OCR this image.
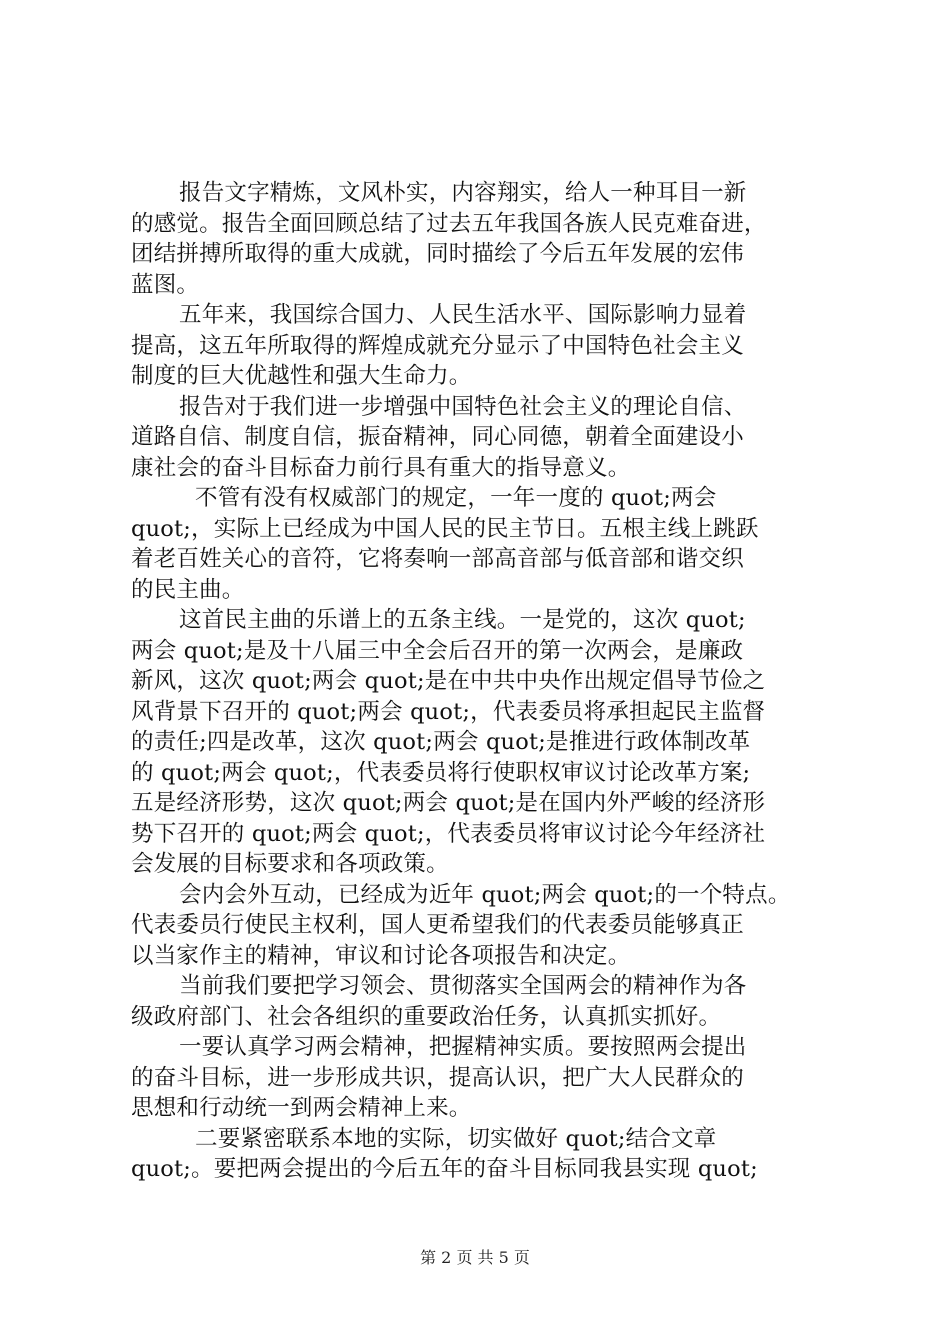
报告文字精炼，文风朴实，内容翔实，给人一种耳目一新
的感觉。报告全面回顾总结了过去五年我国各族人民克难奋进，
团结拼搏所取得的重大成就，同时描绘了今后五年发展的宏伟
蓝图。
五年来，我国综合国力、人民生活水平、国际影响力显着
提高，这五年所取得的辉煌成就充分显示了中国特色社会主义
制度的巨大优越性和强大生命力。
报告对于我们进一步增强中国特色社会主义的理论自信、
道路自信、制度自信，振奋精神，同心同德，朝着全面建设小
康社会的奋斗目标奋力前行具有重大的指导意义。
不管有没有权威部门的规定，一年一度的 quot;两会
quot;，实际上已经成为中国人民的民主节日。五根主线上跳跃
着老百姓关心的音符，它将奏响一部高音部与低音部和谐交织
的民主曲。
这首民主曲的乐谱上的五条主线。一是党的，这次 quot;
两会 quot;是及十八届三中全会后召开的第一次两会，是廉政
新风，这次 quot;两会 quot;是在中共中央作出规定倡导节俭之
风背景下召开的 quot;两会 quot;，代表委员将承担起民主监督
的责任;四是改革，这次 quot;两会 quot;是推进行政体制改革
的 quot;两会 quot;，代表委员将行使职权审议讨论改革方案;
五是经济形势，这次 quot;两会 quot;是在国内外严峻的经济形
势下召开的 quot;两会 quot;，代表委员将审议讨论今年经济社
会发展的目标要求和各项政策。
会内会外互动，已经成为近年 quot;两会 quot;的一个特点。
代表委员行使民主权利，国人更希望我们的代表委员能够真正
以当家作主的精神，审议和讨论各项报告和决定。
当前我们要把学习领会、贯彻落实全国两会的精神作为各
级政府部门、社会各组织的重要政治任务，认真抓实抓好。
一要认真学习两会精神，把握精神实质。要按照两会提出
的奋斗目标，进一步形成共识，提高认识，把广大人民群众的
思想和行动统一到两会精神上来。
二要紧密联系本地的实际，切实做好 quot;结合文章
quot;。要把两会提出的今后五年的奋斗目标同我县实现 quot;
第 2 页 共 5 页
